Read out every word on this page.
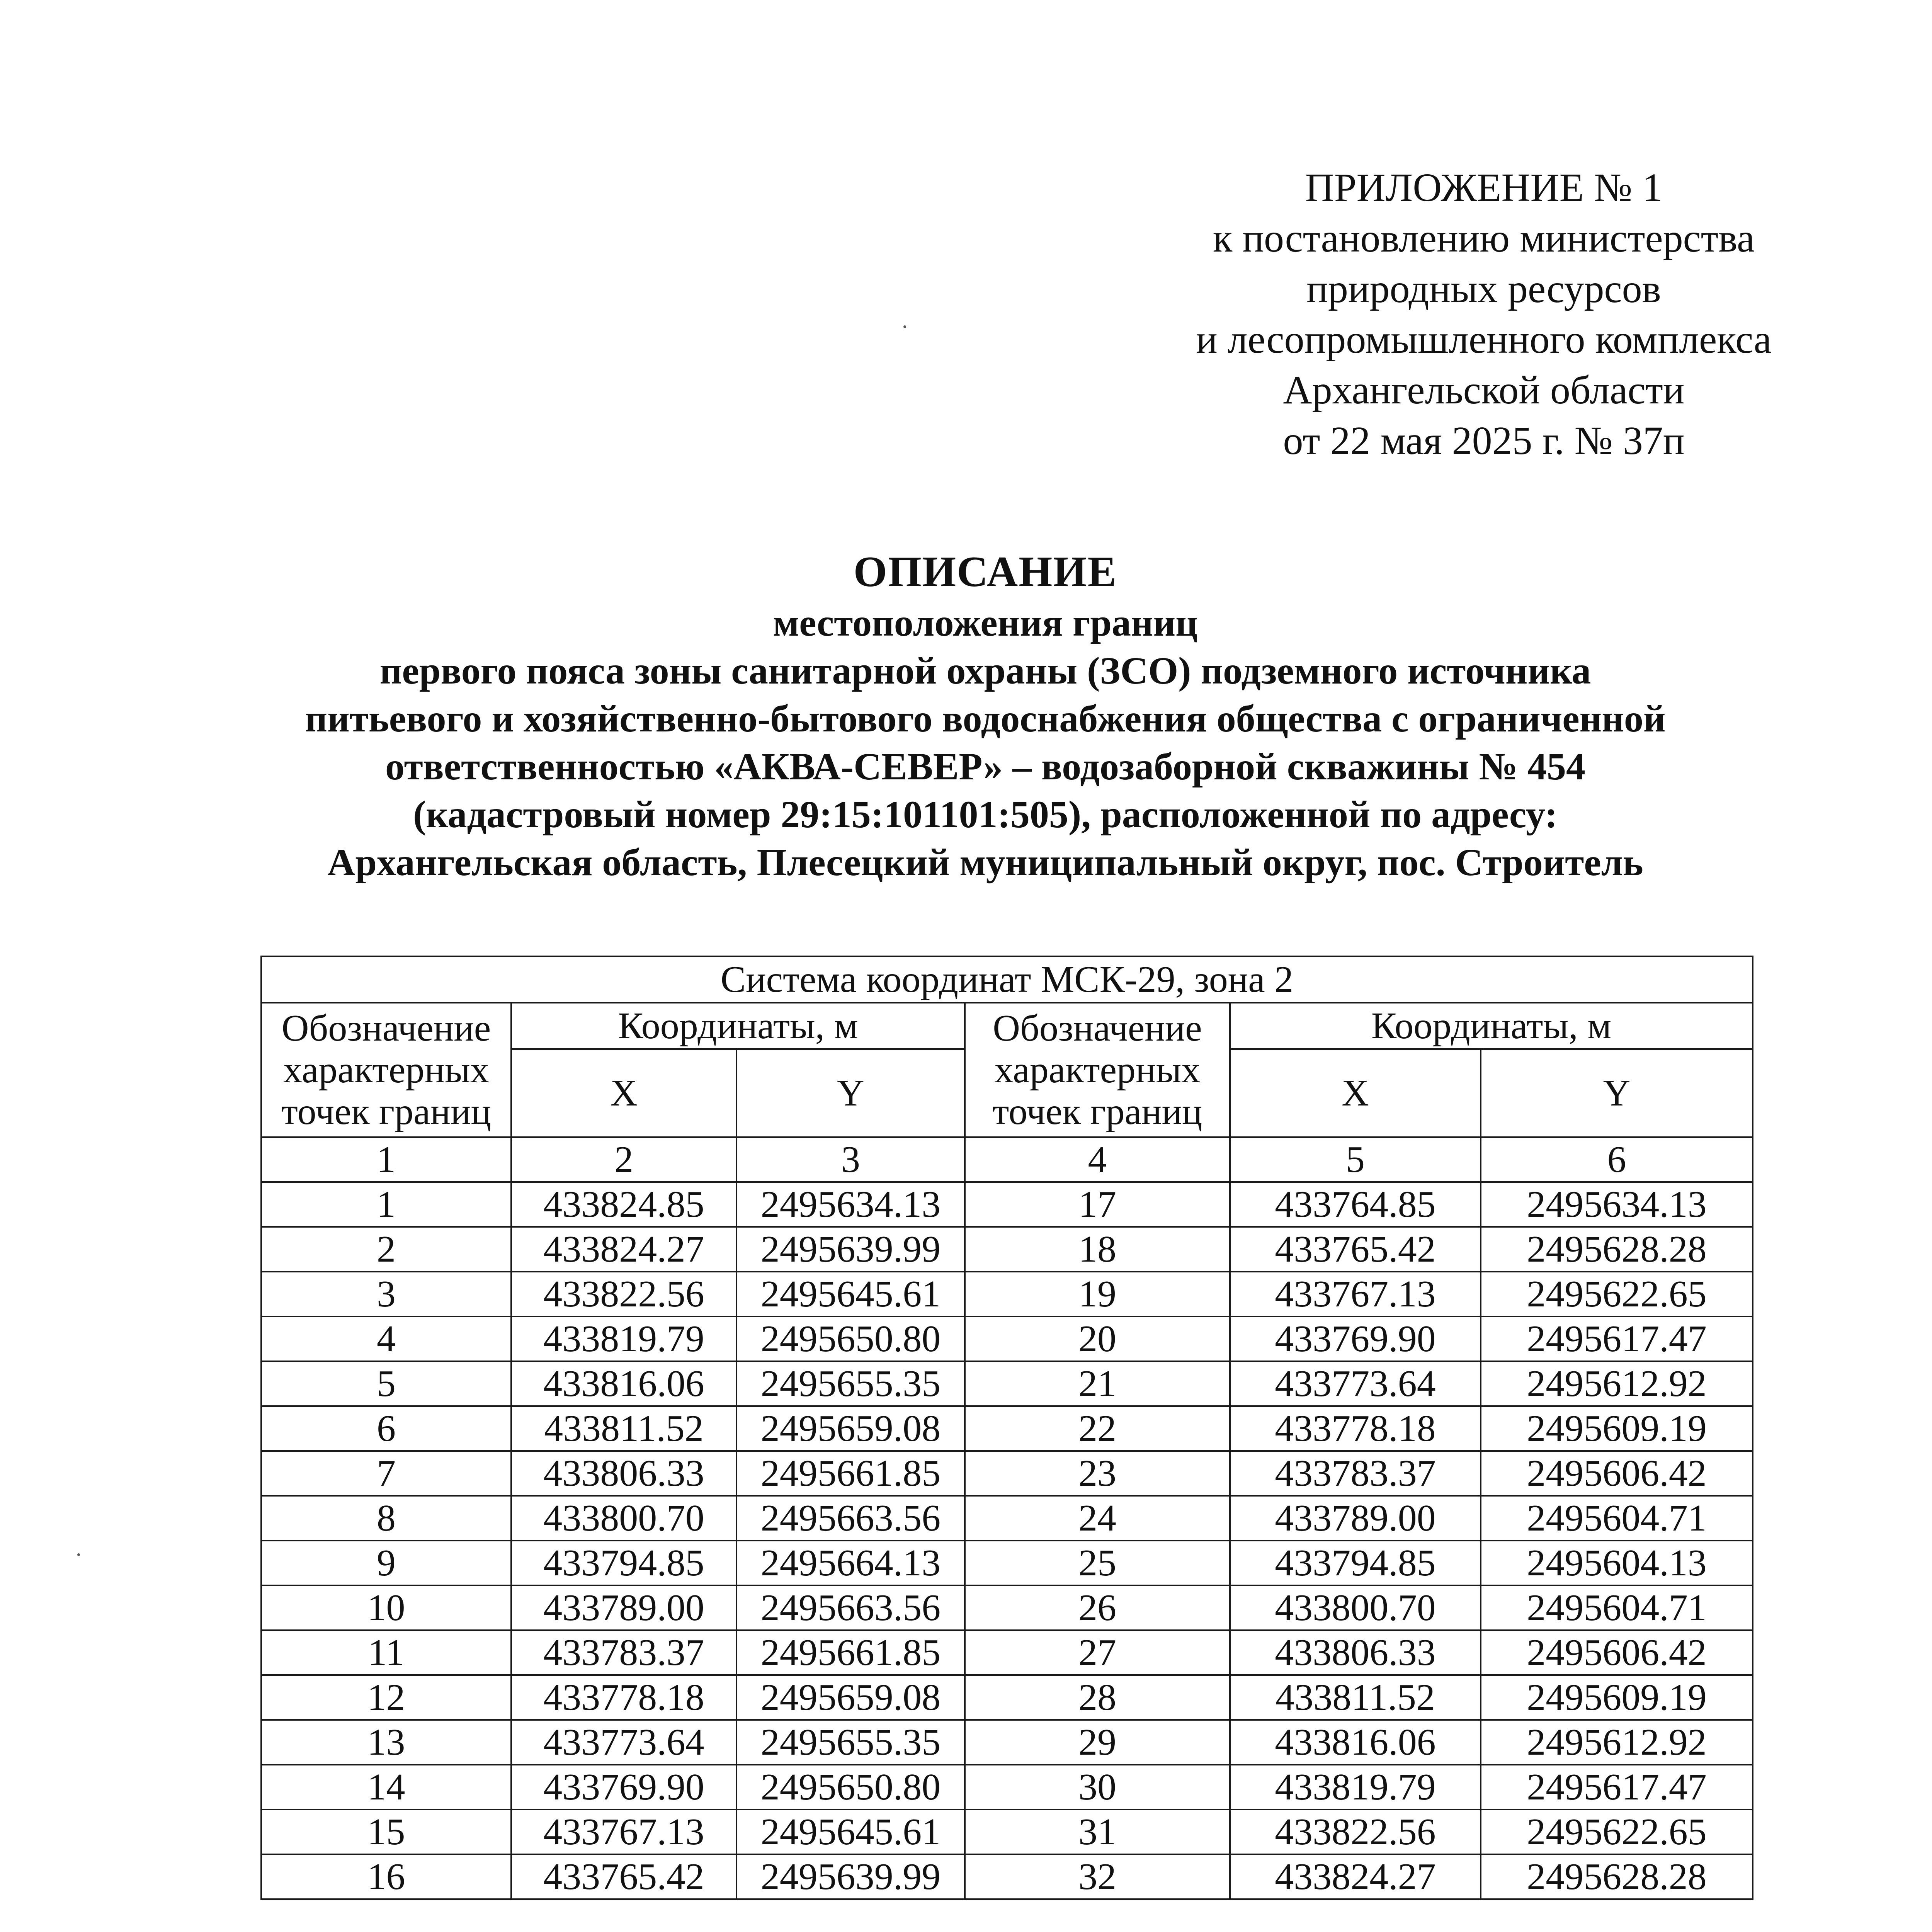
ПРИЛОЖЕНИЕ № 1
к постановлению министерства
природных ресурсов
и лесопромышленного комплекса
Архангельской области
от 22 мая 2025 г. № 37п
ОПИСАНИЕ
местоположения границ
первого пояса зоны санитарной охраны (ЗСО) подземного источника
питьевого и хозяйственно-бытового водоснабжения общества с ограниченной
ответственностью «АКВА-СЕВЕР» – водозаборной скважины № 454
(кадастровый номер 29:15:101101:505), расположенной по адресу:
Архангельская область, Плесецкий муниципальный округ, пос. Строитель
Система координат МСК-29, зона 2					
Обозначение характерных точек границ	Координаты, м		Обозначение характерных точек границ	Координаты, м	
	X	Y		X	Y
1	2	3	4	5	6
1	433824.85	2495634.13	17	433764.85	2495634.13
2	433824.27	2495639.99	18	433765.42	2495628.28
3	433822.56	2495645.61	19	433767.13	2495622.65
4	433819.79	2495650.80	20	433769.90	2495617.47
5	433816.06	2495655.35	21	433773.64	2495612.92
6	433811.52	2495659.08	22	433778.18	2495609.19
7	433806.33	2495661.85	23	433783.37	2495606.42
8	433800.70	2495663.56	24	433789.00	2495604.71
9	433794.85	2495664.13	25	433794.85	2495604.13
10	433789.00	2495663.56	26	433800.70	2495604.71
11	433783.37	2495661.85	27	433806.33	2495606.42
12	433778.18	2495659.08	28	433811.52	2495609.19
13	433773.64	2495655.35	29	433816.06	2495612.92
14	433769.90	2495650.80	30	433819.79	2495617.47
15	433767.13	2495645.61	31	433822.56	2495622.65
16	433765.42	2495639.99	32	433824.27	2495628.28
